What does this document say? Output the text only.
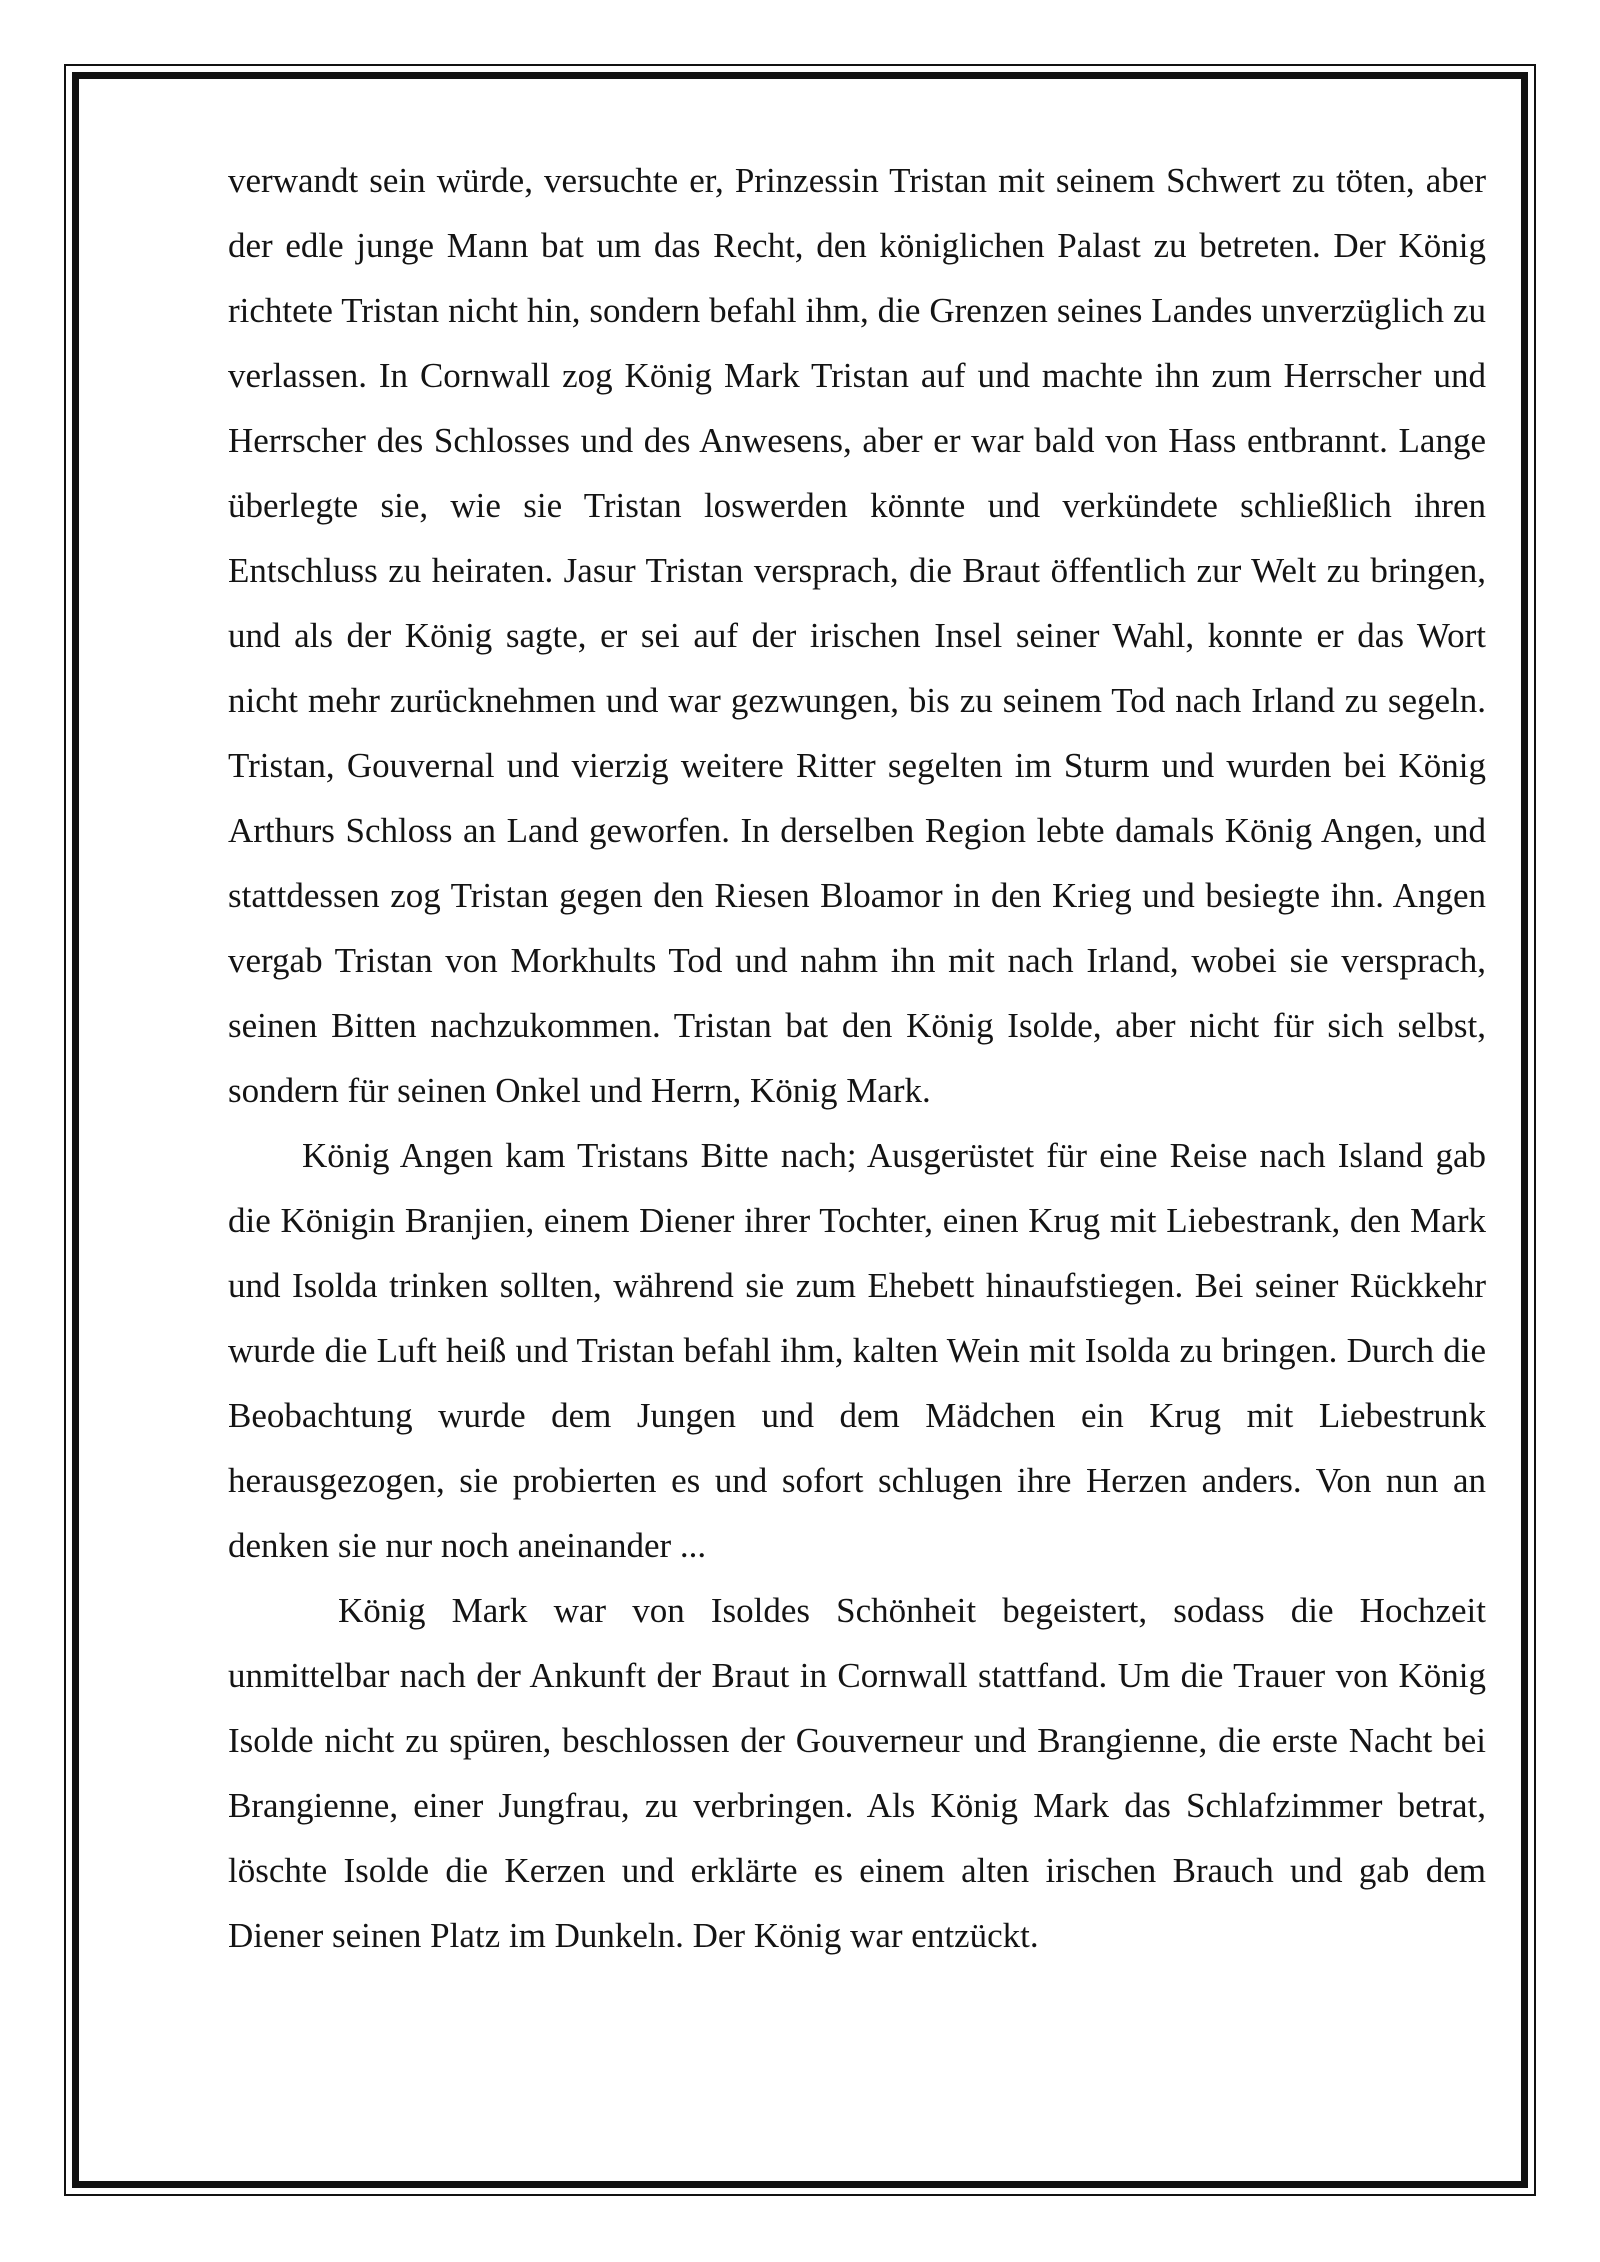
verwandt sein würde, versuchte er, Prinzessin Tristan mit seinem Schwert zu töten, aber der edle junge Mann bat um das Recht, den königlichen Palast zu betreten. Der König richtete Tristan nicht hin, sondern befahl ihm, die Grenzen seines Landes unverzüglich zu verlassen. In Cornwall zog König Mark Tristan auf und machte ihn zum Herrscher und Herrscher des Schlosses und des Anwesens, aber er war bald von Hass entbrannt. Lange überlegte sie, wie sie Tristan loswerden könnte und verkündete schließlich ihren Entschluss zu heiraten. Jasur Tristan versprach, die Braut öffentlich zur Welt zu bringen, und als der König sagte, er sei auf der irischen Insel seiner Wahl, konnte er das Wort nicht mehr zurücknehmen und war gezwungen, bis zu seinem Tod nach Irland zu segeln. Tristan, Gouvernal und vierzig weitere Ritter segelten im Sturm und wurden bei König Arthurs Schloss an Land geworfen. In derselben Region lebte damals König Angen, und stattdessen zog Tristan gegen den Riesen Bloamor in den Krieg und besiegte ihn. Angen vergab Tristan von Morkhults Tod und nahm ihn mit nach Irland, wobei sie versprach, seinen Bitten nachzukommen. Tristan bat den König Isolde, aber nicht für sich selbst, sondern für seinen Onkel und Herrn, König Mark.

König Angen kam Tristans Bitte nach; Ausgerüstet für eine Reise nach Island gab die Königin Branjien, einem Diener ihrer Tochter, einen Krug mit Liebestrank, den Mark und Isolda trinken sollten, während sie zum Ehebett hinaufstiegen. Bei seiner Rückkehr wurde die Luft heiß und Tristan befahl ihm, kalten Wein mit Isolda zu bringen. Durch die Beobachtung wurde dem Jungen und dem Mädchen ein Krug mit Liebestrunk herausgezogen, sie probierten es und sofort schlugen ihre Herzen anders. Von nun an denken sie nur noch aneinander ...

König Mark war von Isoldes Schönheit begeistert, sodass die Hochzeit unmittelbar nach der Ankunft der Braut in Cornwall stattfand. Um die Trauer von König Isolde nicht zu spüren, beschlossen der Gouverneur und Brangienne, die erste Nacht bei Brangienne, einer Jungfrau, zu verbringen. Als König Mark das Schlafzimmer betrat, löschte Isolde die Kerzen und erklärte es einem alten irischen Brauch und gab dem Diener seinen Platz im Dunkeln. Der König war entzückt.
